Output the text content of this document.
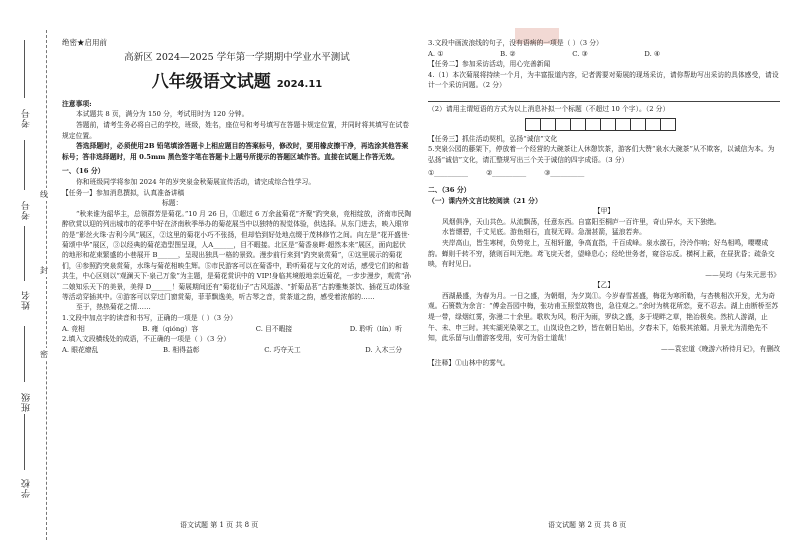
考号
考号
姓名
班级
学校
线
封
密

绝密★启用前

高新区 2024—2025 学年第一学期期中学业水平测试

八年级语文试题 2024.11

注意事项:

本试题共 8 页，满分为 150 分，考试用时为 120 分钟。

答题前，请考生务必将自己的学校，班级，姓名，座位号和考号填写在答题卡规定位置，并同时将其填写在试卷规定位置。

答选择题时，必须使用2B 铅笔填涂答题卡上相应题目的答案标号，修改时，要用橡皮擦干净，再选涂其他答案标号；答非选择题时，用 0.5mm 黑色签字笔在答题卡上题号所提示的答题区域作答。直接在试题上作答无效。

一、（16 分）

你和班级同学将参加 2024 年的岁突泉金秋菊展宣传活动，请完成综合性学习。

【任务一】参加消息撰拟，认真准备讲稿

标题：

“秋来谁为韶华主，总领群芳是菊花。”10 月 26 日，①超过 6 万余盆菊花“齐聚”趵突泉，竞相绽放，济南市民陶醉欣赏以迎的列出城市的花季中好在济南秋季举办的菊花展当中以独特的视觉体验，供选择。从东门进去，映入眼帘的是“影丝火珠·吉利今风”展区，②这里的菊花小巧不张扬，但却恰到好处地点缀于茂林修竹之间。向左是“花开盛世·菊颂中华”展区，③以经典的菊花造型图呈现，人A______，目不暇接。北区是“菊香泉畔·超然本来”展区，面向起伏的地形和花束繁盛的小巷展开 B______，呈现出独具一格的景致。漫步前行来到“趵突泉赏菊”，④这里展示的菊花们，④参照趵突泉赏菊，水珠与菊花相映生辉。⑤市民游客可以在菊香中，聆听菊花与文化的对话，感受它们的和谐共生，中心区则以“观澜天下·泉己万象”为主题，是菊花赏识中的 VIP!身临其境般地亲近菊花，一步步漫步，观赏“孙二娘知乐天下的美景，美得 D______！菊展期间还有“菊花仙子”古风巡游、“折菊品茗”古韵雅集茶饮、插花互动体验等活动穿插其中。④游客可以穿过门窗赏菊，菲菲飘逸美，听古琴之音，赏茶道之韵，感受着浓郁的……

至于，热热菊花之情……

1.文段中加点字的读音和书写，正确的一项是（ ）（3 分）

A. 竞相	B. 雍（qióng）容	C. 目不暇接	D. 聆听（lín）听

2.填入文段横线处的成语，不正确的一项是（ ）（3 分）

A. 眼花缭乱	B. 相得益彰	C. 巧夺天工	D. 入木三分
语文试题 第 1 页 共 8 页

3.文段中画波浪线的句子，没有语病的一项是（ ）（3 分）

A. ①	B. ②	C. ③	D. ④

【任务二】参加采访活动，用心完善新闻

4.（1）本次菊展将持续一个月，为丰富报道内容，记者需要对菊展的现场采访，请你帮助写出采访的具体感受，请设计一个采访问题。（2 分）

（2）请用主谓短语的方式为以上消息补拟一个标题（不超过 10 个字）。（2 分）

【任务三】抓住活动契机，弘扬“诚信”文化

5.突泉公园的藤架下，停放着一个经营的大碗茶让人休憩饮茶，游客们大赞“泉水大碗茶”从不欺客，以诚信为本。为弘扬“诚信”文化，请汇整规写出三个关于诚信的四字成语。（3 分）

①__________	②__________	③__________

二、（36 分）

（一）课内外文言比较阅读（21 分）

【甲】

风烟俱净，天山共色。从流飘荡，任意东西。自富阳至桐庐一百许里，奇山异水，天下独绝。

水皆缥碧，千丈见底。游鱼细石，直视无碍。急湍甚箭，猛浪若奔。

夹岸高山，皆生寒树，负势竞上，互相轩邈，争高直指，千百成峰。泉水激石，泠泠作响；好鸟相鸣，嘤嘤成韵。蝉则千转不穷，猿则百叫无绝。鸢飞戾天者，望峰息心；经纶世务者，窥谷忘反。横柯上蔽，在昼犹昏；疏条交映，有时见日。

——吴均《与朱元思书》

【乙】

西湖最盛，为春为月。一日之盛，为朝烟，为夕岚①。今岁春雪甚盛，梅花为寒所勒，与杏桃相次开发，尤为奇观。石篑数为余言：“傅金吾园中梅，张功甫玉照堂故物也，急往观之。”余时为桃花所恋，竟不忍去。湖上由断桥至苏堤一带，绿烟红雾，弥漫二十余里。歌吹为风，粉汗为雨，罗纨之盛，多于堤畔之草，艳冶极矣。然杭人游湖，止午、未、申三时。其实湖光染翠之工，山岚设色之妙，皆在朝日始出，夕舂未下，始极其浓媚。月景尤为清绝先不知，此乐留与山僧游客受用，安可为俗士道哉！

——袁宏道《晚游六桥待月记》，有删改

【注释】①山林中的雾气。

语文试题 第 2 页 共 8 页
